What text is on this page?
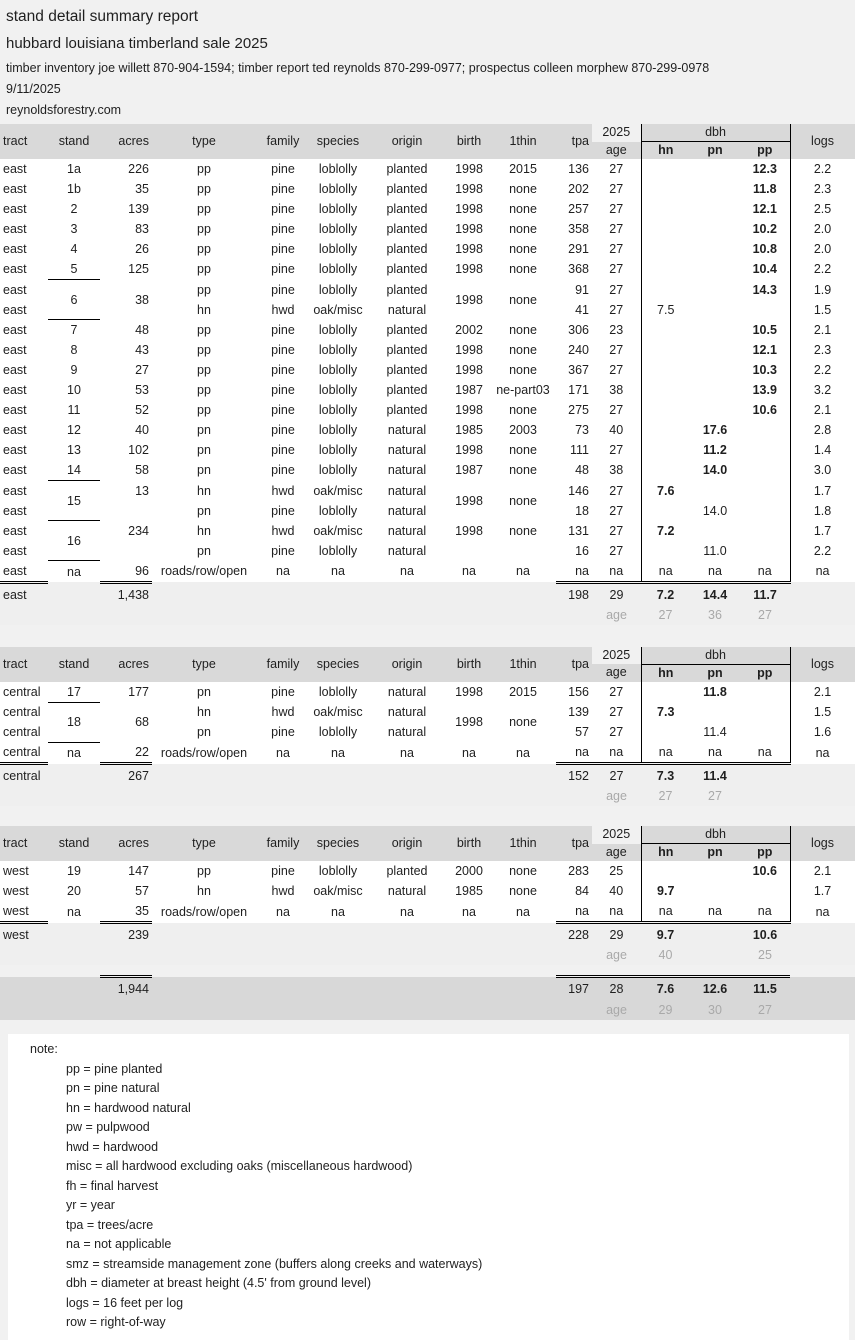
stand detail summary report
hubbard louisiana timberland sale 2025
timber inventory joe willett 870-904-1594; timber report ted reynolds 870-299-0977; prospectus colleen morphew 870-299-0978
9/11/2025
reynoldsforestry.com
tract	stand	acres	type	family	species	origin	birth	1thin	tpa	2025	dbh			logs
										age	hn	pn	pp	
east	1a	226	pp	pine	loblolly	planted	1998	2015	136	27			12.3	2.2
east	1b	35	pp	pine	loblolly	planted	1998	none	202	27			11.8	2.3
east	2	139	pp	pine	loblolly	planted	1998	none	257	27			12.1	2.5
east	3	83	pp	pine	loblolly	planted	1998	none	358	27			10.2	2.0
east	4	26	pp	pine	loblolly	planted	1998	none	291	27			10.8	2.0
east	5	125	pp	pine	loblolly	planted	1998	none	368	27			10.4	2.2
east	6	38	pp	pine	loblolly	planted	1998	none	91	27			14.3	1.9
east			hn	hwd	oak/misc	natural			41	27	7.5			1.5
east	7	48	pp	pine	loblolly	planted	2002	none	306	23			10.5	2.1
east	8	43	pp	pine	loblolly	planted	1998	none	240	27			12.1	2.3
east	9	27	pp	pine	loblolly	planted	1998	none	367	27			10.3	2.2
east	10	53	pp	pine	loblolly	planted	1987	ne-part03	171	38			13.9	3.2
east	11	52	pp	pine	loblolly	planted	1998	none	275	27			10.6	2.1
east	12	40	pn	pine	loblolly	natural	1985	2003	73	40		17.6		2.8
east	13	102	pn	pine	loblolly	natural	1998	none	111	27		11.2		1.4
east	14	58	pn	pine	loblolly	natural	1987	none	48	38		14.0		3.0
east	15	13	hn	hwd	oak/misc	natural	1998	none	146	27	7.6			1.7
east			pn	pine	loblolly	natural			18	27		14.0		1.8
east	16	234	hn	hwd	oak/misc	natural	1998	none	131	27	7.2			1.7
east			pn	pine	loblolly	natural			16	27		11.0		2.2
east	na	96	roads/row/open	na	na	na	na	na	na	na	na	na	na	na
east		1,438							198	29	7.2	14.4	11.7	
										age	27	36	27	
tract	stand	acres	type	family	species	origin	birth	1thin	tpa	2025	dbh			logs
										age	hn	pn	pp	
central	17	177	pn	pine	loblolly	natural	1998	2015	156	27		11.8		2.1
central	18	68	hn	hwd	oak/misc	natural	1998	none	139	27	7.3			1.5
central			pn	pine	loblolly	natural			57	27		11.4		1.6
central	na	22	roads/row/open	na	na	na	na	na	na	na	na	na	na	na
central		267							152	27	7.3	11.4		
										age	27	27		
tract	stand	acres	type	family	species	origin	birth	1thin	tpa	2025	dbh			logs
										age	hn	pn	pp	
west	19	147	pp	pine	loblolly	planted	2000	none	283	25			10.6	2.1
west	20	57	hn	hwd	oak/misc	natural	1985	none	84	40	9.7			1.7
west	na	35	roads/row/open	na	na	na	na	na	na	na	na	na	na	na
west		239							228	29	9.7		10.6	
										age	40		25	
		1,944							197	28	7.6	12.6	11.5	
										age	29	30	27	
note:
pp = pine planted
pn = pine natural
hn = hardwood natural
pw = pulpwood
hwd = hardwood
misc = all hardwood excluding oaks (miscellaneous hardwood)
fh = final harvest
yr = year
tpa = trees/acre
na = not applicable
smz = streamside management zone (buffers along creeks and waterways)
dbh = diameter at breast height (4.5' from ground level)
logs = 16 feet per log
row = right-of-way
